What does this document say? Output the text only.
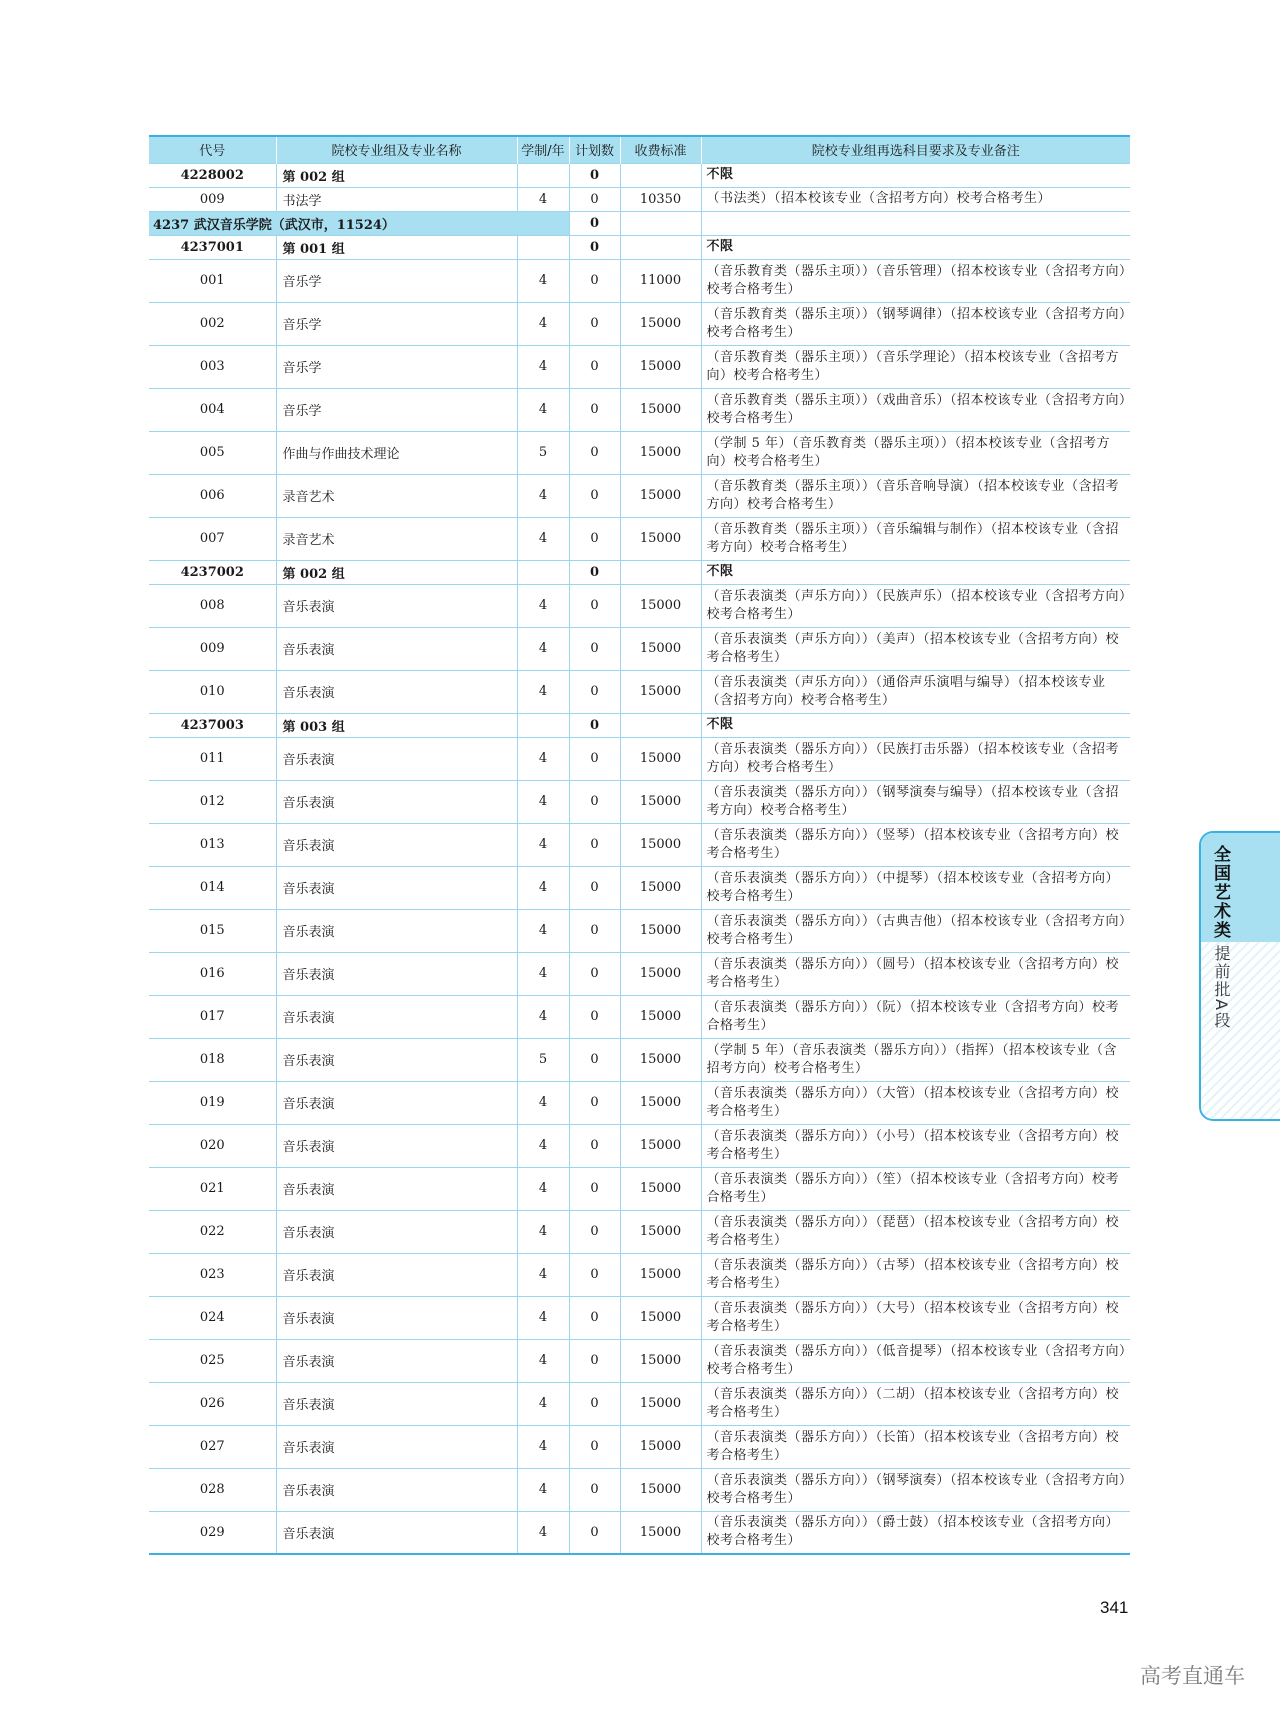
代号	院校专业组及专业名称	学制/年	计划数	收费标准	院校专业组再选科目要求及专业备注
4228002	第 002 组		0		不限
009	书法学	4	0	10350	（书法类）（招本校该专业（含招考方向）校考合格考生）
4237 武汉音乐学院（武汉市，11524）			0		
4237001	第 001 组		0		不限
001	音乐学	4	0	11000	（音乐教育类（器乐主项））（音乐管理）（招本校该专业（含招考方向）校考合格考生）
002	音乐学	4	0	15000	（音乐教育类（器乐主项））（钢琴调律）（招本校该专业（含招考方向）校考合格考生）
003	音乐学	4	0	15000	（音乐教育类（器乐主项））（音乐学理论）（招本校该专业（含招考方向）校考合格考生）
004	音乐学	4	0	15000	（音乐教育类（器乐主项））（戏曲音乐）（招本校该专业（含招考方向）校考合格考生）
005	作曲与作曲技术理论	5	0	15000	（学制 5 年）（音乐教育类（器乐主项））（招本校该专业（含招考方向）校考合格考生）
006	录音艺术	4	0	15000	（音乐教育类（器乐主项））（音乐音响导演）（招本校该专业（含招考方向）校考合格考生）
007	录音艺术	4	0	15000	（音乐教育类（器乐主项））（音乐编辑与制作）（招本校该专业（含招考方向）校考合格考生）
4237002	第 002 组		0		不限
008	音乐表演	4	0	15000	（音乐表演类（声乐方向））（民族声乐）（招本校该专业（含招考方向）校考合格考生）
009	音乐表演	4	0	15000	（音乐表演类（声乐方向））（美声）（招本校该专业（含招考方向）校考合格考生）
010	音乐表演	4	0	15000	（音乐表演类（声乐方向））（通俗声乐演唱与编导）（招本校该专业（含招考方向）校考合格考生）
4237003	第 003 组		0		不限
011	音乐表演	4	0	15000	（音乐表演类（器乐方向））（民族打击乐器）（招本校该专业（含招考方向）校考合格考生）
012	音乐表演	4	0	15000	（音乐表演类（器乐方向））（钢琴演奏与编导）（招本校该专业（含招考方向）校考合格考生）
013	音乐表演	4	0	15000	（音乐表演类（器乐方向））（竖琴）（招本校该专业（含招考方向）校考合格考生）
014	音乐表演	4	0	15000	（音乐表演类（器乐方向））（中提琴）（招本校该专业（含招考方向）校考合格考生）
015	音乐表演	4	0	15000	（音乐表演类（器乐方向））（古典吉他）（招本校该专业（含招考方向）校考合格考生）
016	音乐表演	4	0	15000	（音乐表演类（器乐方向））（圆号）（招本校该专业（含招考方向）校考合格考生）
017	音乐表演	4	0	15000	（音乐表演类（器乐方向））（阮）（招本校该专业（含招考方向）校考合格考生）
018	音乐表演	5	0	15000	（学制 5 年）（音乐表演类（器乐方向））（指挥）（招本校该专业（含招考方向）校考合格考生）
019	音乐表演	4	0	15000	（音乐表演类（器乐方向））（大管）（招本校该专业（含招考方向）校考合格考生）
020	音乐表演	4	0	15000	（音乐表演类（器乐方向））（小号）（招本校该专业（含招考方向）校考合格考生）
021	音乐表演	4	0	15000	（音乐表演类（器乐方向））（笙）（招本校该专业（含招考方向）校考合格考生）
022	音乐表演	4	0	15000	（音乐表演类（器乐方向））（琵琶）（招本校该专业（含招考方向）校考合格考生）
023	音乐表演	4	0	15000	（音乐表演类（器乐方向））（古琴）（招本校该专业（含招考方向）校考合格考生）
024	音乐表演	4	0	15000	（音乐表演类（器乐方向））（大号）（招本校该专业（含招考方向）校考合格考生）
025	音乐表演	4	0	15000	（音乐表演类（器乐方向））（低音提琴）（招本校该专业（含招考方向）校考合格考生）
026	音乐表演	4	0	15000	（音乐表演类（器乐方向））（二胡）（招本校该专业（含招考方向）校考合格考生）
027	音乐表演	4	0	15000	（音乐表演类（器乐方向））（长笛）（招本校该专业（含招考方向）校考合格考生）
028	音乐表演	4	0	15000	（音乐表演类（器乐方向））（钢琴演奏）（招本校该专业（含招考方向）校考合格考生）
029	音乐表演	4	0	15000	（音乐表演类（器乐方向））（爵士鼓）（招本校该专业（含招考方向）校考合格考生）
全国艺术类
提前批A段
341
高考直通车
